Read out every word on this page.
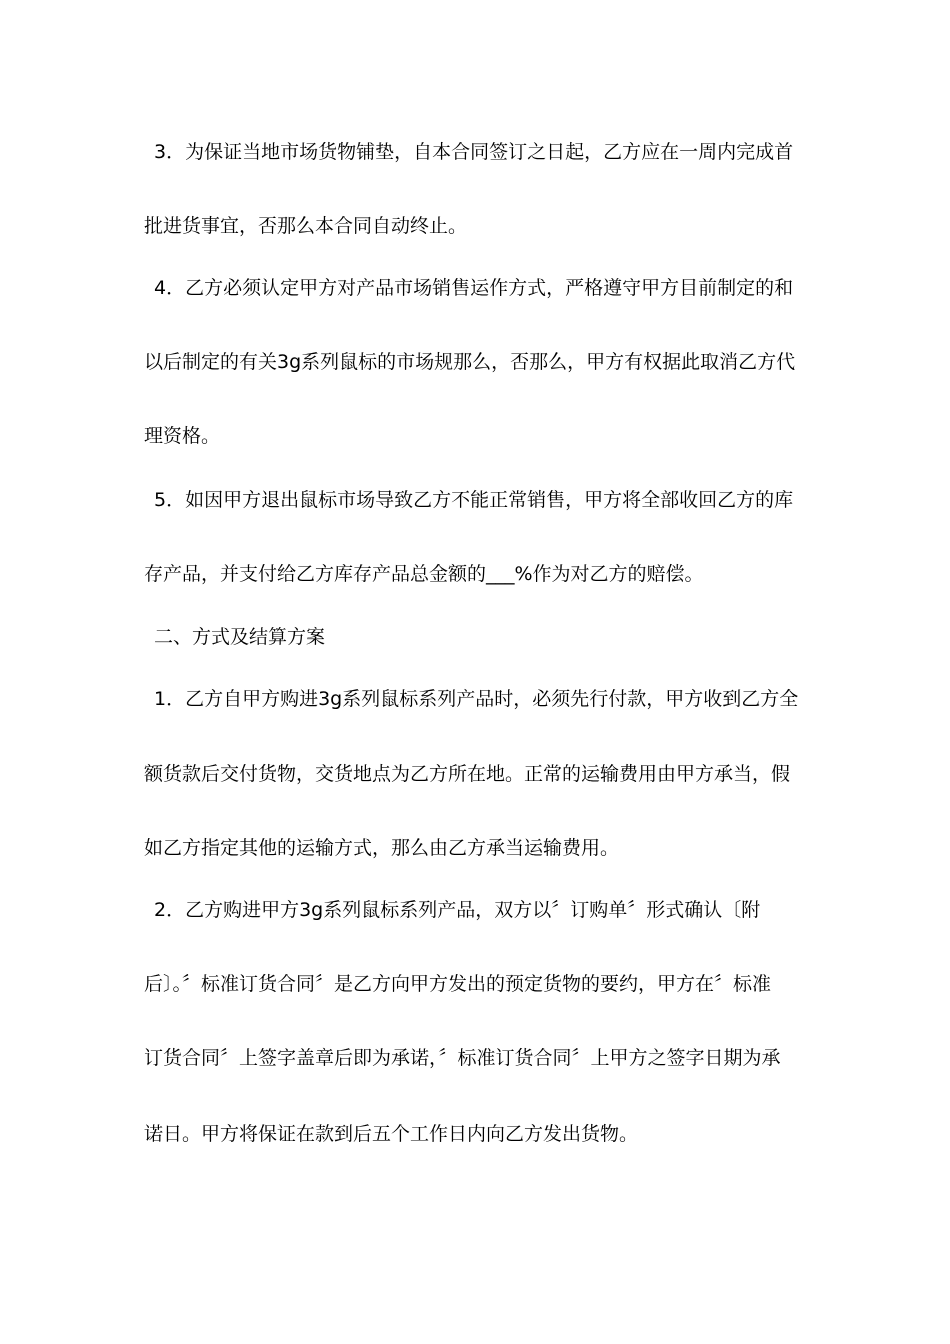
3．为保证当地市场货物铺垫，自本合同签订之日起，乙方应在一周内完成首
批进货事宜，否那么本合同自动终止。
4．乙方必须认定甲方对产品市场销售运作方式，严格遵守甲方目前制定的和
以后制定的有关3g系列鼠标的市场规那么，否那么，甲方有权据此取消乙方代
理资格。
5．如因甲方退出鼠标市场导致乙方不能正常销售，甲方将全部收回乙方的库
存产品，并支付给乙方库存产品总金额的___%作为对乙方的赔偿。
二、方式及结算方案
1．乙方自甲方购进3g系列鼠标系列产品时，必须先行付款，甲方收到乙方全
额货款后交付货物，交货地点为乙方所在地。正常的运输费用由甲方承当，假
如乙方指定其他的运输方式，那么由乙方承当运输费用。
2．乙方购进甲方3g系列鼠标系列产品，双方以〞订购单〞形式确认〔附
后〕。〞标准订货合同〞是乙方向甲方发出的预定货物的要约，甲方在〞标准
订货合同〞上签字盖章后即为承诺，〞标准订货合同〞上甲方之签字日期为承
诺日。甲方将保证在款到后五个工作日内向乙方发出货物。
